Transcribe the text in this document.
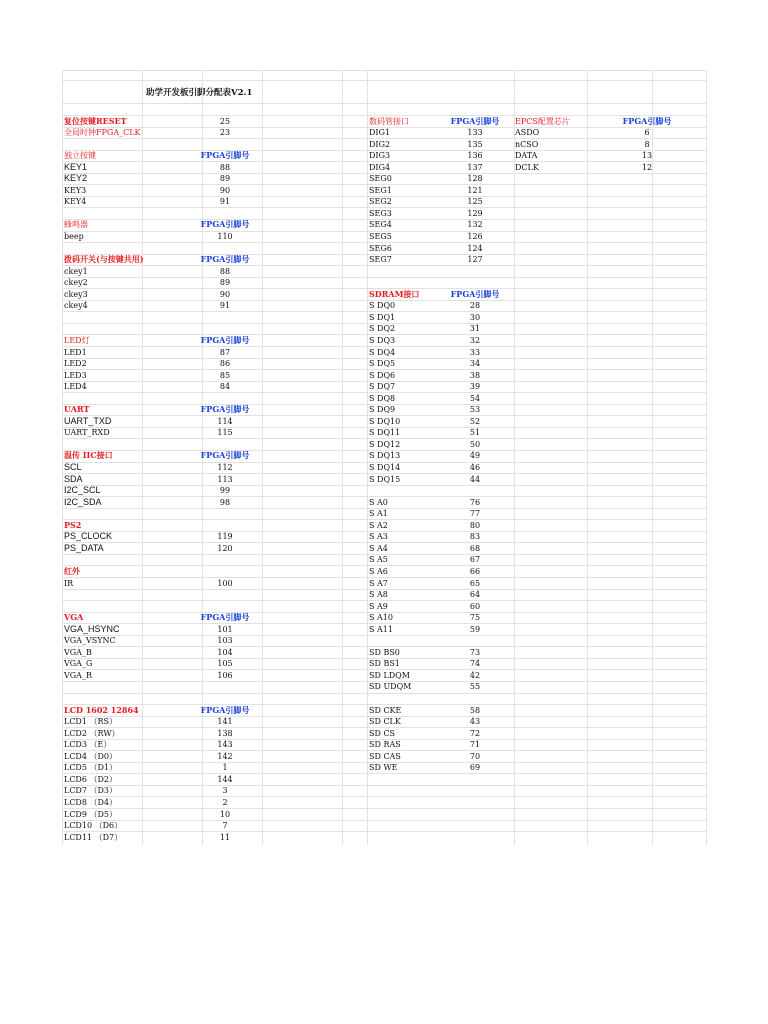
助学开发板引脚分配表V2.1
复位按键RESET	25
全局时钟FPGA_CLK	23
独立按键	FPGA引脚号
KEY1	88
KEY2	89
KEY3	90
KEY4	91
蜂鸣器	FPGA引脚号
beep	110
拨码开关(与按键共用)	FPGA引脚号
ckey1	88
ckey2	89
ckey3	90
ckey4	91
LED灯	FPGA引脚号
LED1	87
LED2	86
LED3	85
LED4	84
UART	FPGA引脚号
UART_TXD	114
UART_RXD	115
温传 IIC接口	FPGA引脚号
SCL	112
SDA	113
I2C_SCL	99
I2C_SDA	98
PS2
PS_CLOCK	119
PS_DATA	120
红外
IR	100
VGA	FPGA引脚号
VGA_HSYNC	101
VGA_VSYNC	103
VGA_B	104
VGA_G	105
VGA_R	106
LCD 1602 12864	FPGA引脚号
LCD1 （RS）	141
LCD2 （RW）	138
LCD3 （E）	143
LCD4 （D0）	142
LCD5 （D1）	1
LCD6 （D2）	144
LCD7 （D3）	3
LCD8 （D4）	2
LCD9 （D5）	10
LCD10 （D6）	7
LCD11 （D7）	11
数码管接口	FPGA引脚号
DIG1	133
DIG2	135
DIG3	136
DIG4	137
SEG0	128
SEG1	121
SEG2	125
SEG3	129
SEG4	132
SEG5	126
SEG6	124
SEG7	127
SDRAM接口	FPGA引脚号
S DQ0	28
S DQ1	30
S DQ2	31
S DQ3	32
S DQ4	33
S DQ5	34
S DQ6	38
S DQ7	39
S DQ8	54
S DQ9	53
S DQ10	52
S DQ11	51
S DQ12	50
S DQ13	49
S DQ14	46
S DQ15	44
S A0	76
S A1	77
S A2	80
S A3	83
S A4	68
S A5	67
S A6	66
S A7	65
S A8	64
S A9	60
S A10	75
S A11	59
SD BS0	73
SD BS1	74
SD LDQM	42
SD UDQM	55
SD CKE	58
SD CLK	43
SD CS	72
SD RAS	71
SD CAS	70
SD WE	69
EPCS配置芯片	FPGA引脚号
ASDO	6
nCSO	8
DATA	13
DCLK	12
